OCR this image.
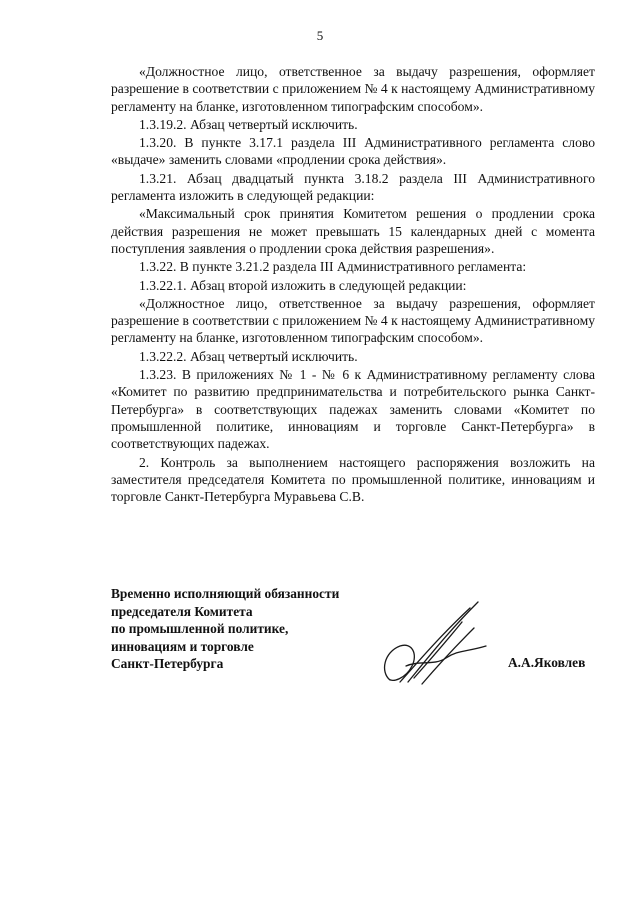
5

«Должностное лицо, ответственное за выдачу разрешения, оформляет разрешение в соответствии с приложением № 4 к настоящему Административному регламенту на бланке, изготовленном типографским способом».

1.3.19.2. Абзац четвертый исключить.

1.3.20. В пункте 3.17.1 раздела III Административного регламента слово «выдаче» заменить словами «продлении срока действия».

1.3.21. Абзац двадцатый пункта 3.18.2 раздела III Административного регламента изложить в следующей редакции:

«Максимальный срок принятия Комитетом решения о продлении срока действия разрешения не может превышать 15 календарных дней с момента поступления заявления о продлении срока действия разрешения».

1.3.22. В пункте 3.21.2 раздела III Административного регламента:

1.3.22.1. Абзац второй изложить в следующей редакции:

«Должностное лицо, ответственное за выдачу разрешения, оформляет разрешение в соответствии с приложением № 4 к настоящему Административному регламенту на бланке, изготовленном типографским способом».

1.3.22.2. Абзац четвертый исключить.

1.3.23. В приложениях № 1 - № 6 к Административному регламенту слова «Комитет по развитию предпринимательства и потребительского рынка Санкт-Петербурга» в соответствующих падежах заменить словами «Комитет по промышленной политике, инновациям и торговле Санкт-Петербурга» в соответствующих падежах.

2. Контроль за выполнением настоящего распоряжения возложить на заместителя председателя Комитета по промышленной политике, инновациям и торговле Санкт-Петербурга Муравьева С.В.

Временно исполняющий обязанности
председателя Комитета
по промышленной политике,
инновациям и торговле
Санкт-Петербурга	А.А.Яковлев
